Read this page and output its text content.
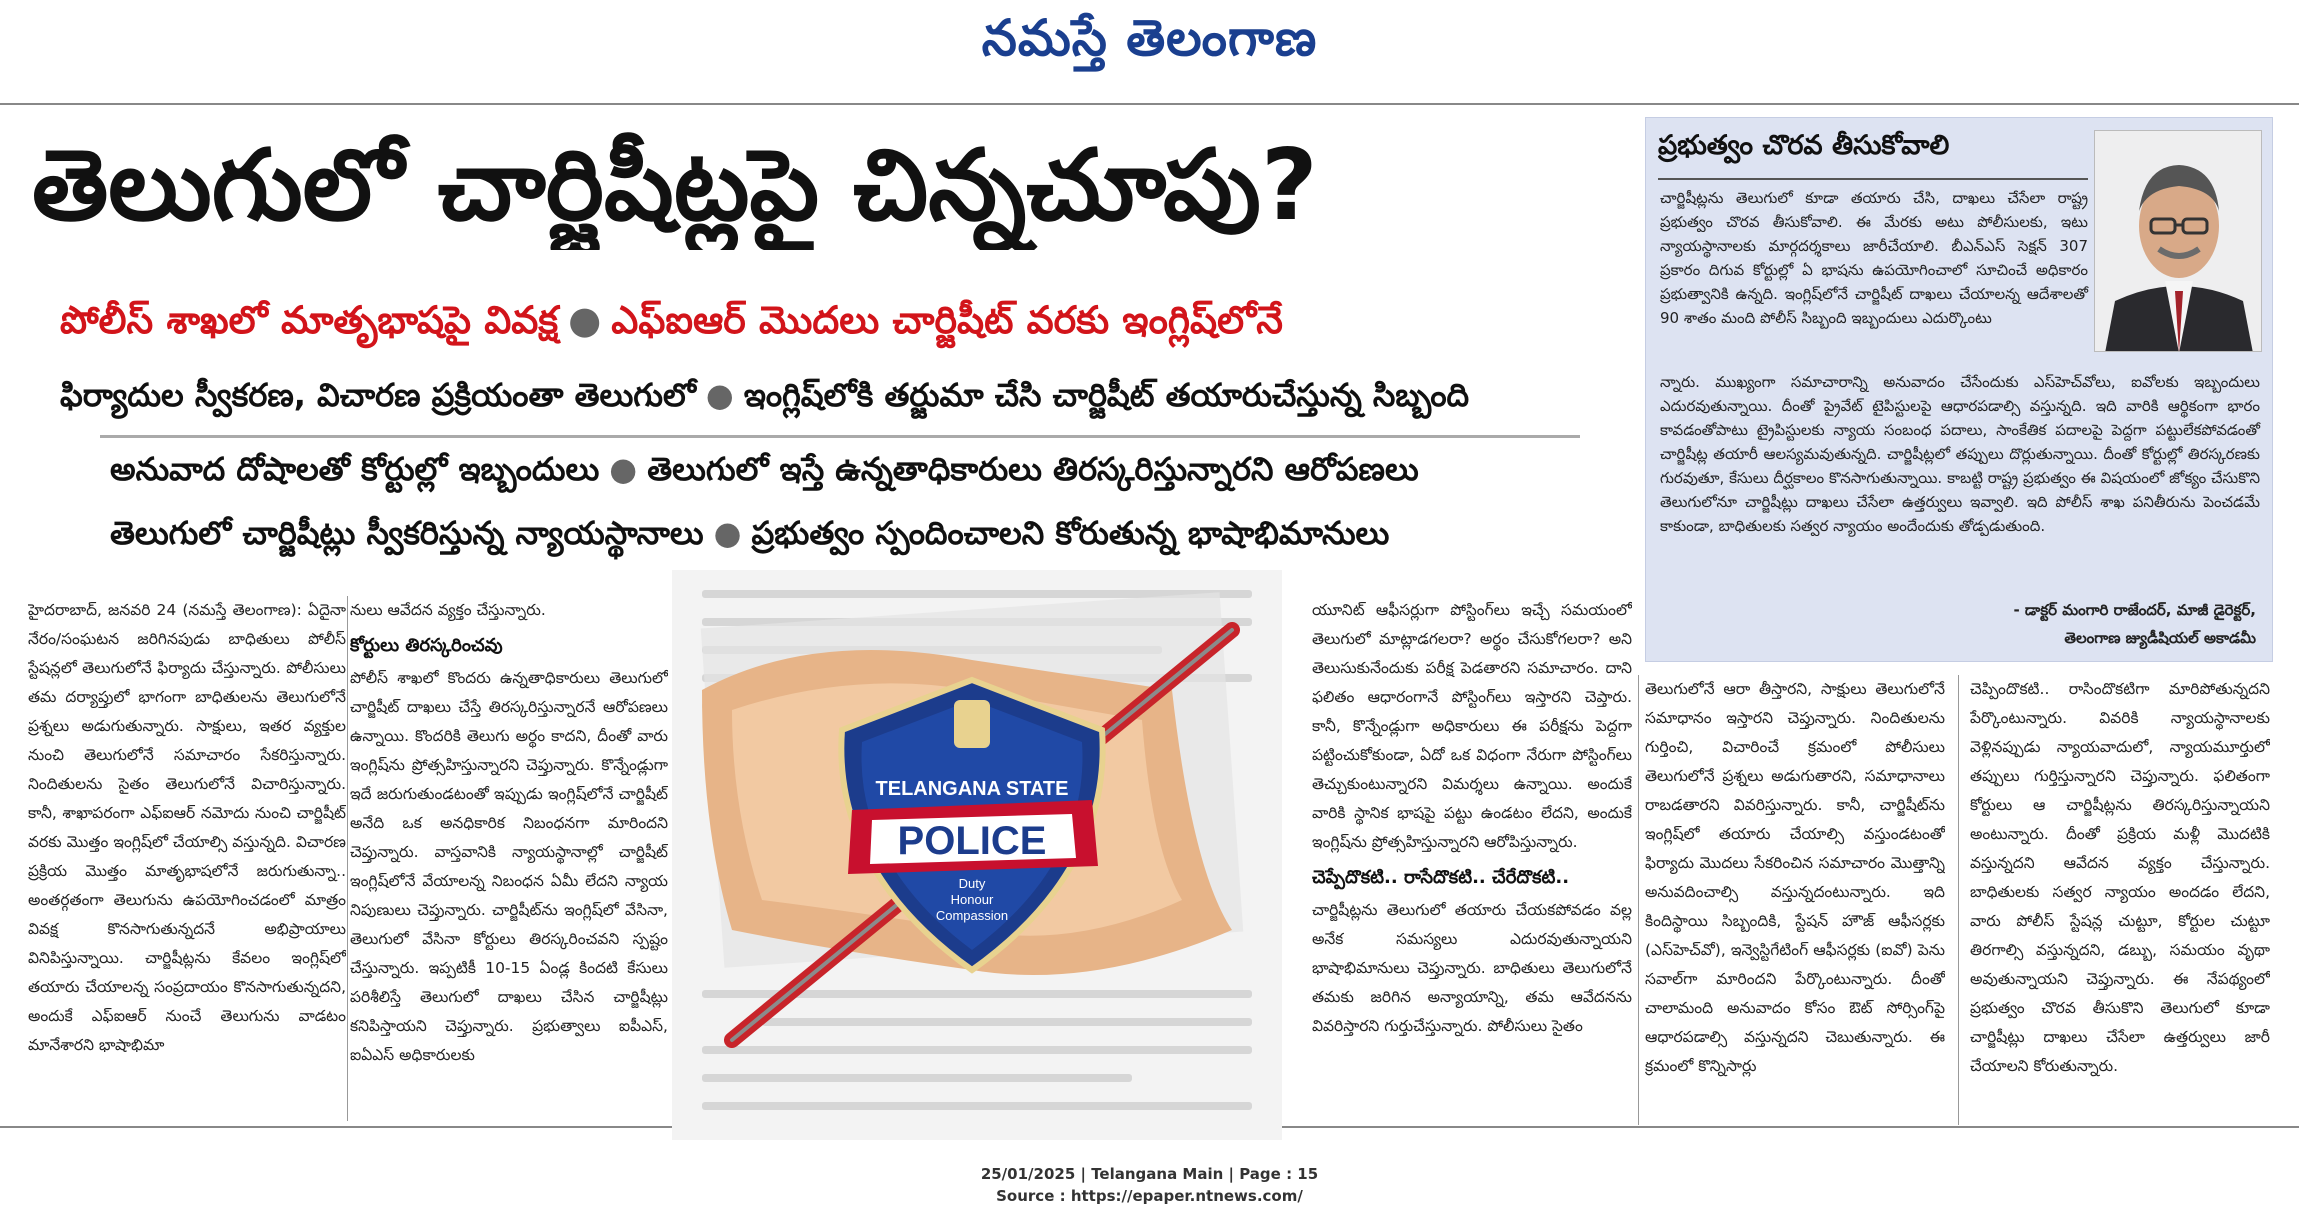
నమస్తే తెలంగాణ
తెలుగులో చార్జిషీట్లపై చిన్నచూపు?
పోలీస్ శాఖలో మాతృభాషపై వివక్ష ● ఎఫ్ఐఆర్ మొదలు చార్జిషీట్ వరకు ఇంగ్లిష్‌లోనే
ఫిర్యాదుల స్వీకరణ, విచారణ ప్రక్రియంతా తెలుగులో ● ఇంగ్లిష్‌లోకి తర్జుమా చేసి చార్జిషీట్ తయారుచేస్తున్న సిబ్బంది
అనువాద దోషాలతో కోర్టుల్లో ఇబ్బందులు ● తెలుగులో ఇస్తే ఉన్నతాధికారులు తిరస్కరిస్తున్నారని ఆరోపణలు
తెలుగులో చార్జిషీట్లు స్వీకరిస్తున్న న్యాయస్థానాలు ● ప్రభుత్వం స్పందించాలని కోరుతున్న భాషాభిమానులు
ప్రభుత్వం చొరవ తీసుకోవాలి
చార్జిషీట్లను తెలుగులో కూడా తయారు చేసి, దాఖలు చేసేలా రాష్ట్ర ప్రభుత్వం చొరవ తీసుకోవాలి. ఈ మేరకు అటు పోలీసులకు, ఇటు న్యాయస్థానాలకు మార్గదర్శకాలు జారీచేయాలి. బీఎన్ఎస్ సెక్షన్ 307 ప్రకారం దిగువ కోర్టుల్లో ఏ భాషను ఉపయోగించాలో సూచించే అధికారం ప్రభుత్వానికి ఉన్నది. ఇంగ్లిష్‌లోనే చార్జిషీట్ దాఖలు చేయాలన్న ఆదేశాలతో 90 శాతం మంది పోలీస్ సిబ్బంది ఇబ్బందులు ఎదుర్కొంటు
న్నారు. ముఖ్యంగా సమాచారాన్ని అనువాదం చేసేందుకు ఎస్‌హెచ్‌వోలు, ఐవోలకు ఇబ్బందులు ఎదురవుతున్నాయి. దీంతో ప్రైవేట్ టైపిస్టులపై ఆధారపడాల్సి వస్తున్నది. ఇది వారికి ఆర్థికంగా భారం కావడంతోపాటు ట్రైపిస్టులకు న్యాయ సంబంధ పదాలు, సాంకేతిక పదాలపై పెద్దగా పట్టులేకపోవడంతో చార్జిషీట్ల తయారీ ఆలస్యమవుతున్నది. చార్జిషీట్లలో తప్పులు దొర్లుతున్నాయి. దీంతో కోర్టుల్లో తిరస్కరణకు గురవుతూ, కేసులు దీర్ఘకాలం కొనసాగుతున్నాయి. కాబట్టి రాష్ట్ర ప్రభుత్వం ఈ విషయంలో జోక్యం చేసుకొని తెలుగులోనూ చార్జిషీట్లు దాఖలు చేసేలా ఉత్తర్వులు ఇవ్వాలి. ఇది పోలీస్ శాఖ పనితీరును పెంచడమే కాకుండా, బాధితులకు సత్వర న్యాయం అందేందుకు తోడ్పడుతుంది.
- డాక్టర్ మంగారి రాజేందర్, మాజీ డైరెక్టర్,
తెలంగాణ జ్యుడీషియల్ అకాడమీ

హైదరాబాద్, జనవరి 24 (నమస్తే తెలంగాణ): ఏదైనా నేరం/సంఘటన జరిగినపుడు బాధితులు పోలీస్ స్టేషన్లలో తెలుగులోనే ఫిర్యాదు చేస్తున్నారు. పోలీసులు తమ దర్యాప్తులో భాగంగా బాధితులను తెలుగులోనే ప్రశ్నలు అడుగుతున్నారు. సాక్షులు, ఇతర వ్యక్తుల నుంచి తెలుగులోనే సమాచారం సేకరిస్తున్నారు. నిందితులను సైతం తెలుగులోనే విచారిస్తున్నారు. కానీ, శాఖాపరంగా ఎఫ్ఐఆర్ నమోదు నుంచి చార్జిషీట్ వరకు మొత్తం ఇంగ్లిష్‌లో చేయాల్సి వస్తున్నది. విచారణ ప్రక్రియ మొత్తం మాతృభాషలోనే జరుగుతున్నా.. అంతర్గతంగా తెలుగును ఉపయోగించడంలో మాత్రం వివక్ష కొనసాగుతున్నదనే అభిప్రాయాలు వినిపిస్తున్నాయి. చార్జిషీట్లను కేవలం ఇంగ్లిష్‌లో తయారు చేయాలన్న సంప్రదాయం కొనసాగుతున్నదని, అందుకే ఎఫ్ఐఆర్ నుంచే తెలుగును వాడటం మానేశారని భాషాభిమా

నులు ఆవేదన వ్యక్తం చేస్తున్నారు.

కోర్టులు తిరస్కరించవు

పోలీస్ శాఖలో కొందరు ఉన్నతాధికారులు తెలుగులో చార్జిషీట్ దాఖలు చేస్తే తిరస్కరిస్తున్నారనే ఆరోపణలు ఉన్నాయి. కొందరికి తెలుగు అర్థం కాదని, దీంతో వారు ఇంగ్లిష్‌ను ప్రోత్సహిస్తున్నారని చెప్తున్నారు. కొన్నేండ్లుగా ఇదే జరుగుతుండటంతో ఇప్పుడు ఇంగ్లిష్‌లోనే చార్జిషీట్ అనేది ఒక అనధికారిక నిబంధనగా మారిందని చెప్తున్నారు. వాస్తవానికి న్యాయస్థానాల్లో చార్జిషీట్ ఇంగ్లిష్‌లోనే వేయాలన్న నిబంధన ఏమీ లేదని న్యాయ నిపుణులు చెప్తున్నారు. చార్జిషీట్‌ను ఇంగ్లిష్‌లో వేసినా, తెలుగులో వేసినా కోర్టులు తిరస్కరించవని స్పష్టం చేస్తున్నారు. ఇప్పటికీ 10-15 ఏండ్ల కిందటి కేసులు పరిశీలిస్తే తెలుగులో దాఖలు చేసిన చార్జిషీట్లు కనిపిస్తాయని చెప్తున్నారు. ప్రభుత్వాలు ఐపీఎస్, ఐఏఎస్ అధికారులకు

TELANGANA STATE
POLICE
Duty
Honour
Compassion

యూనిట్ ఆఫీసర్లుగా పోస్టింగ్‌లు ఇచ్చే సమయంలో తెలుగులో మాట్లాడగలరా? అర్థం చేసుకోగలరా? అని తెలుసుకునేందుకు పరీక్ష పెడతారని సమాచారం. దాని ఫలితం ఆధారంగానే పోస్టింగ్‌లు ఇస్తారని చెప్తారు. కానీ, కొన్నేండ్లుగా అధికారులు ఈ పరీక్షను పెద్దగా పట్టించుకోకుండా, ఏదో ఒక విధంగా నేరుగా పోస్టింగ్‌లు తెచ్చుకుంటున్నారని విమర్శలు ఉన్నాయి. అందుకే వారికి స్థానిక భాషపై పట్టు ఉండటం లేదని, అందుకే ఇంగ్లిష్‌ను ప్రోత్సహిస్తున్నారని ఆరోపిస్తున్నారు.

చెప్పేదొకటి.. రాసేదొకటి.. చేరేదొకటి..

చార్జిషీట్లను తెలుగులో తయారు చేయకపోవడం వల్ల అనేక సమస్యలు ఎదురవుతున్నాయని భాషాభిమానులు చెప్తున్నారు. బాధితులు తెలుగులోనే తమకు జరిగిన అన్యాయాన్ని, తమ ఆవేదనను వివరిస్తారని గుర్తుచేస్తున్నారు. పోలీసులు సైతం

తెలుగులోనే ఆరా తీస్తారని, సాక్షులు తెలుగులోనే సమాధానం ఇస్తారని చెప్తున్నారు. నిందితులను గుర్తించి, విచారించే క్రమంలో పోలీసులు తెలుగులోనే ప్రశ్నలు అడుగుతారని, సమాధానాలు రాబడతారని వివరిస్తున్నారు. కానీ, చార్జిషీట్‌ను ఇంగ్లిష్‌లో తయారు చేయాల్సి వస్తుండటంతో ఫిర్యాదు మొదలు సేకరించిన సమాచారం మొత్తాన్ని అనువదించాల్సి వస్తున్నదంటున్నారు. ఇది కిందిస్థాయి సిబ్బందికి, స్టేషన్ హౌజ్ ఆఫీసర్లకు (ఎస్‌హెచ్‌వో), ఇన్వెస్టిగేటింగ్ ఆఫీసర్లకు (ఐవో) పెను సవాల్‌గా మారిందని పేర్కొంటున్నారు. దీంతో చాలామంది అనువాదం కోసం ఔట్ సోర్సింగ్‌పై ఆధారపడాల్సి వస్తున్నదని చెబుతున్నారు. ఈ క్రమంలో కొన్నిసార్లు

చెప్పిందొకటి.. రాసిందొకటిగా మారిపోతున్నదని పేర్కొంటున్నారు. వివరికి న్యాయస్థానాలకు వెళ్లినప్పుడు న్యాయవాదులో, న్యాయమూర్తులో తప్పులు గుర్తిస్తున్నారని చెప్తున్నారు. ఫలితంగా కోర్టులు ఆ చార్జిషీట్లను తిరస్కరిస్తున్నాయని అంటున్నారు. దీంతో ప్రక్రియ మళ్లీ మొదటికి వస్తున్నదని ఆవేదన వ్యక్తం చేస్తున్నారు. బాధితులకు సత్వర న్యాయం అందడం లేదని, వారు పోలీస్ స్టేషన్ల చుట్టూ, కోర్టుల చుట్టూ తిరగాల్సి వస్తున్నదని, డబ్బు, సమయం వృథా అవుతున్నాయని చెప్తున్నారు. ఈ నేపథ్యంలో ప్రభుత్వం చొరవ తీసుకొని తెలుగులో కూడా చార్జిషీట్లు దాఖలు చేసేలా ఉత్తర్వులు జారీ చేయాలని కోరుతున్నారు.

25/01/2025 | Telangana Main | Page : 15
Source : https://epaper.ntnews.com/
